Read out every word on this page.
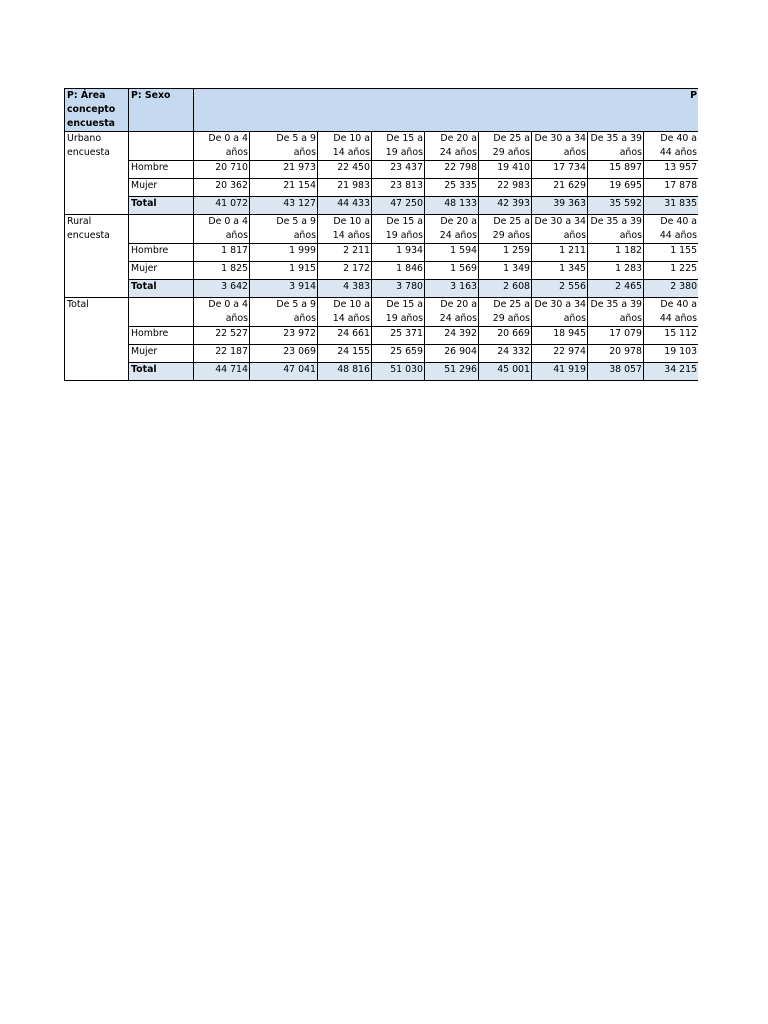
P: Área concepto encuesta	P: Sexo	P								
Urbano encuesta		De 0 a 4 años	De 5 a 9 años	De 10 a 14 años	De 15 a 19 años	De 20 a 24 años	De 25 a 29 años	De 30 a 34 años	De 35 a 39 años	De 40 a 44 años
	Hombre	20 710	21 973	22 450	23 437	22 798	19 410	17 734	15 897	13 957
	Mujer	20 362	21 154	21 983	23 813	25 335	22 983	21 629	19 695	17 878
	Total	41 072	43 127	44 433	47 250	48 133	42 393	39 363	35 592	31 835
Rural encuesta		De 0 a 4 años	De 5 a 9 años	De 10 a 14 años	De 15 a 19 años	De 20 a 24 años	De 25 a 29 años	De 30 a 34 años	De 35 a 39 años	De 40 a 44 años
	Hombre	1 817	1 999	2 211	1 934	1 594	1 259	1 211	1 182	1 155
	Mujer	1 825	1 915	2 172	1 846	1 569	1 349	1 345	1 283	1 225
	Total	3 642	3 914	4 383	3 780	3 163	2 608	2 556	2 465	2 380
Total		De 0 a 4 años	De 5 a 9 años	De 10 a 14 años	De 15 a 19 años	De 20 a 24 años	De 25 a 29 años	De 30 a 34 años	De 35 a 39 años	De 40 a 44 años
	Hombre	22 527	23 972	24 661	25 371	24 392	20 669	18 945	17 079	15 112
	Mujer	22 187	23 069	24 155	25 659	26 904	24 332	22 974	20 978	19 103
	Total	44 714	47 041	48 816	51 030	51 296	45 001	41 919	38 057	34 215
